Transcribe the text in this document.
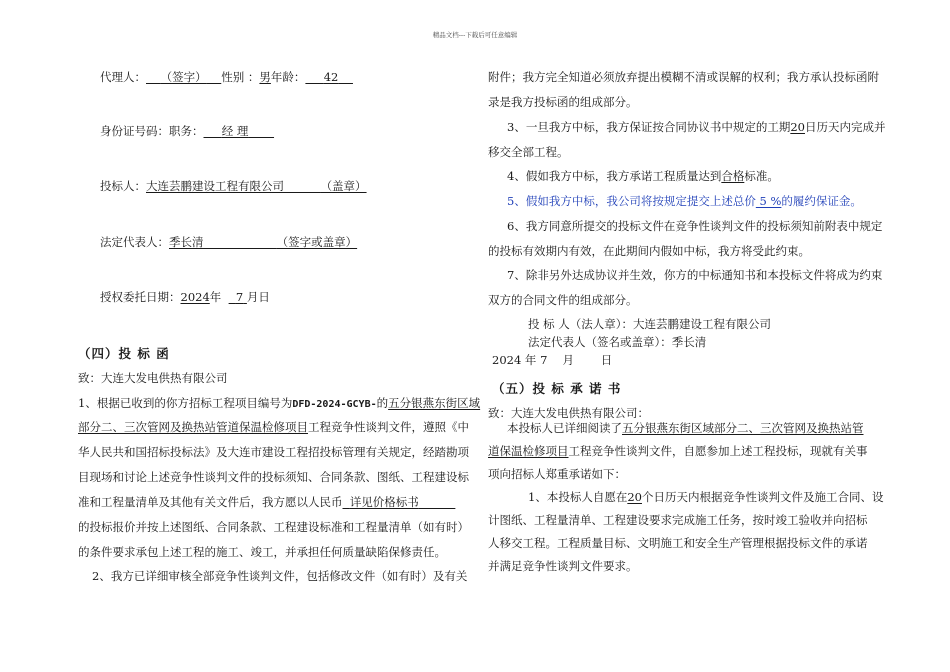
精品文档---下载后可任意编辑
代理人： （签字） 性别 ：男年龄： 42
身份证号码：职务： 经 理
投标人：大连芸鹏建设工程有限公司	（盖章）
法定代表人：季长清	（签字或盖章）
授权委托日期：2024年 7 月日
（四）投 标 函
致：大连大发电供热有限公司
1、根据已收到的你方招标工程项目编号为DFD-2024-GCYB-的五分银燕东街区域
部分二、三次管网及换热站管道保温检修项目工程竞争性谈判文件，遵照《中
华人民共和国招标投标法》及大连市建设工程招投标管理有关规定，经踏勘项
目现场和讨论上述竞争性谈判文件的投标须知、合同条款、图纸、工程建设标
准和工程量清单及其他有关文件后，我方愿以人民币 详见价格标书
的投标报价并按上述图纸、合同条款、工程建设标准和工程量清单（如有时）
的条件要求承包上述工程的施工、竣工，并承担任何质量缺陷保修责任。
2、我方已详细审核全部竞争性谈判文件，包括修改文件（如有时）及有关
附件；我方完全知道必须放弃提出模糊不清或误解的权利；我方承认投标函附
录是我方投标函的组成部分。
3、一旦我方中标，我方保证按合同协议书中规定的工期20日历天内完成并
移交全部工程。
4、假如我方中标，我方承诺工程质量达到合格标准。
5、假如我方中标，我公司将按规定提交上述总价 5 %的履约保证金。
6、我方同意所提交的投标文件在竞争性谈判文件的投标须知前附表中规定
的投标有效期内有效，在此期间内假如中标，我方将受此约束。
7、除非另外达成协议并生效，你方的中标通知书和本投标文件将成为约束
双方的合同文件的组成部分。
投 标 人（法人章）：大连芸鹏建设工程有限公司
法定代表人（签名或盖章）：季长清
2024 年 7 　月 　　日
（五）投 标 承 诺 书
致：大连大发电供热有限公司：
本投标人已详细阅读了五分银燕东街区域部分二、三次管网及换热站管
道保温检修项目工程竞争性谈判文件，自愿参加上述工程投标，现就有关事
项向招标人郑重承诺如下：
1、本投标人自愿在20个日历天内根据竞争性谈判文件及施工合同、设
计图纸、工程量清单、工程建设要求完成施工任务，按时竣工验收并向招标
人移交工程。工程质量目标、文明施工和安全生产管理根据投标文件的承诺
并满足竞争性谈判文件要求。
